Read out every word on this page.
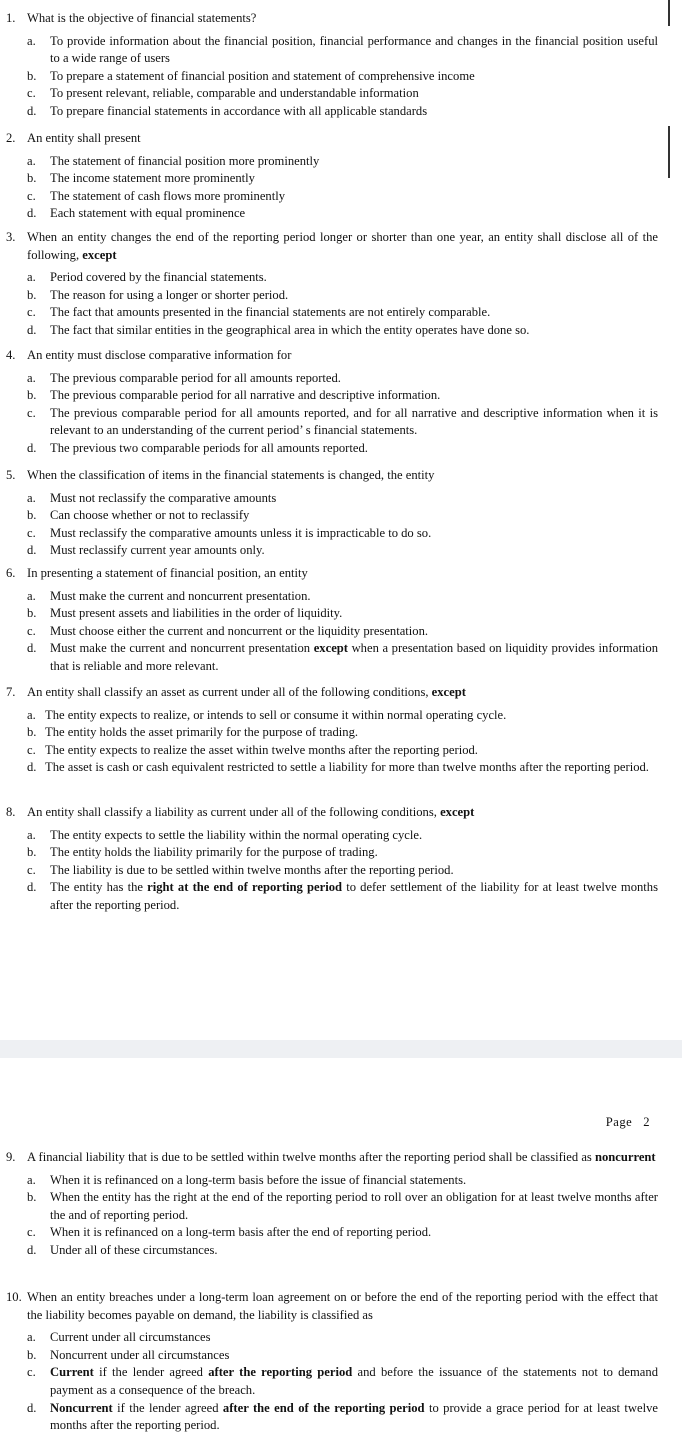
Page 2
1. What is the objective of financial statements?
a.	To provide information about the financial position, financial performance and changes in the financial position useful to a wide range of users
b.	To prepare a statement of financial position and statement of comprehensive income
c.	To present relevant, reliable, comparable and understandable information
d.	To prepare financial statements in accordance with all applicable standards
2. An entity shall present
a.	The statement of financial position more prominently
b.	The income statement more prominently
c.	The statement of cash flows more prominently
d.	Each statement with equal prominence
3. When an entity changes the end of the reporting period longer or shorter than one year, an entity shall disclose all of the following, except
a.	Period covered by the financial statements.
b.	The reason for using a longer or shorter period.
c.	The fact that amounts presented in the financial statements are not entirely comparable.
d.	The fact that similar entities in the geographical area in which the entity operates have done so.
4. An entity must disclose comparative information for
a.	The previous comparable period for all amounts reported.
b.	The previous comparable period for all narrative and descriptive information.
c.	The previous comparable period for all amounts reported, and for all narrative and descriptive information when it is relevant to an understanding of the current period’ s financial statements.
d.	The previous two comparable periods for all amounts reported.
5. When the classification of items in the financial statements is changed, the entity
a.	Must not reclassify the comparative amounts
b.	Can choose whether or not to reclassify
c.	Must reclassify the comparative amounts unless it is impracticable to do so.
d.	Must reclassify current year amounts only.
6. In presenting a statement of financial position, an entity
a.	Must make the current and noncurrent presentation.
b.	Must present assets and liabilities in the order of liquidity.
c.	Must choose either the current and noncurrent or the liquidity presentation.
d.	Must make the current and noncurrent presentation except when a presentation based on liquidity provides information that is reliable and more relevant.
7. An entity shall classify an asset as current under all of the following conditions, except
a. The entity expects to realize, or intends to sell or consume it within normal operating cycle.
b. The entity holds the asset primarily for the purpose of trading.
c. The entity expects to realize the asset within twelve months after the reporting period.
d. The asset is cash or cash equivalent restricted to settle a liability for more than twelve months after the reporting period.
8. An entity shall classify a liability as current under all of the following conditions, except
a.	The entity expects to settle the liability within the normal operating cycle.
b.	The entity holds the liability primarily for the purpose of trading.
c.	The liability is due to be settled within twelve months after the reporting period.
d.	The entity has the right at the end of reporting period to defer settlement of the liability for at least twelve months after the reporting period.
9. A financial liability that is due to be settled within twelve months after the reporting period shall be classified as noncurrent
a.	When it is refinanced on a long-term basis before the issue of financial statements.
b.	When the entity has the right at the end of the reporting period to roll over an obligation for at least twelve months after the and of reporting period.
c.	When it is refinanced on a long-term basis after the end of reporting period.
d.	Under all of these circumstances.
10. When an entity breaches under a long-term loan agreement on or before the end of the reporting period with the effect that the liability becomes payable on demand, the liability is classified as
a.	Current under all circumstances
b.	Noncurrent under all circumstances
c.	Current if the lender agreed after the reporting period and before the issuance of the statements not to demand payment as a consequence of the breach.
d.	Noncurrent if the lender agreed after the end of the reporting period to provide a grace period for at least twelve months after the reporting period.
